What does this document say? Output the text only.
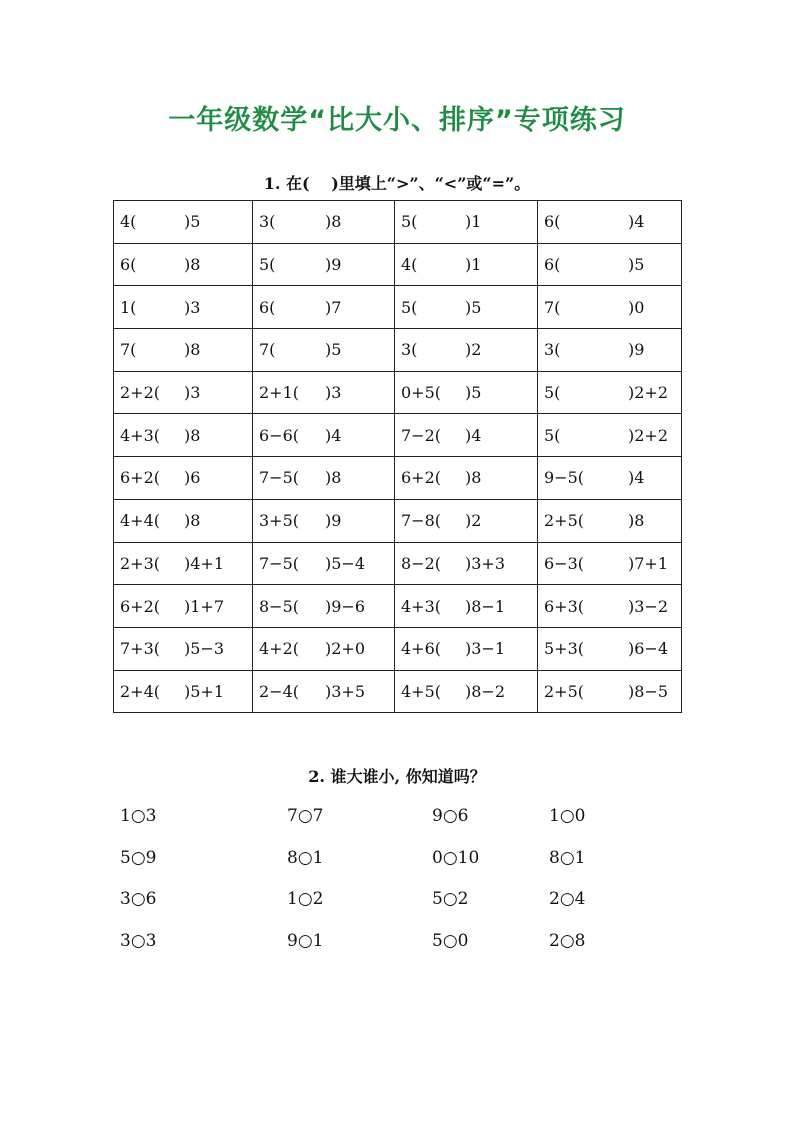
一年级数学“比大小、排序”专项练习
1. 在(　 )里填上“>”、“<”或“=”。
4( )5	3( )8	5( )1	6( )4

6( )8	5( )9	4( )1	6( )5

1( )3	6( )7	5( )5	7( )0

7( )8	7( )5	3( )2	3( )9

2+2( )3	2+1( )3	0+5( )5	5( )2+2

4+3( )8	6−6( )4	7−2( )4	5( )2+2

6+2( )6	7−5( )8	6+2( )8	9−5( )4

4+4( )8	3+5( )9	7−8( )2	2+5( )8

2+3( )4+1	7−5( )5−4	8−2( )3+3	6−3( )7+1

6+2( )1+7	8−5( )9−6	4+3( )8−1	6+3( )3−2

7+3( )5−3	4+2( )2+0	4+6( )3−1	5+3( )6−4

2+4( )5+1	2−4( )3+5	4+5( )8−2	2+5( )8−5
2. 谁大谁小, 你知道吗？
1○3	7○7	9○6	1○0
5○9	8○1	0○10	8○1
3○6	1○2	5○2	2○4
3○3	9○1	5○0	2○8
